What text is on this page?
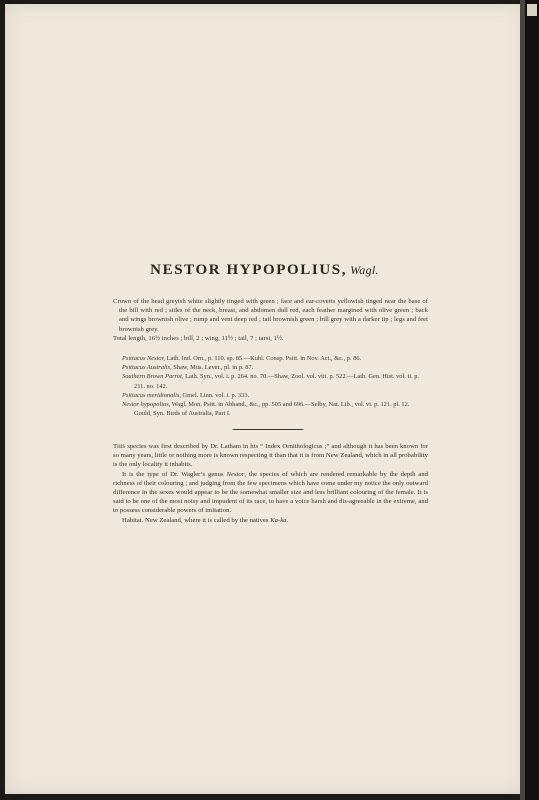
NESTOR HYPOPOLIUS, Wagl.

Crown of the head greyish white slightly tinged with green ; face and ear-coverts yellowish tinged near the base of the bill with red ; sides of the neck, breast, and abdomen dull red, each feather margined with olive green ; back and wings brownish olive ; rump and vent deep red ; tail brownish green ; bill grey with a darker tip ; legs and feet brownish grey.

Total length, 16½ inches ; bill, 2 ; wing, 11½ ; tail, 7 ; tarsi, 1½.

Psittacus Nestor, Lath. Ind. Orn., p. 110. sp. 85.—Kuhl. Consp. Psitt. in Nov. Act., &c., p. 86.

Psittacus Australis, Shaw, Mus. Lever., pl. in p. 87.

Southern Brown Parrot, Lath. Syn., vol. i. p. 264. no. 70.—Shaw, Zool. vol. viii. p. 522.—Lath. Gen. Hist. vol. ii. p. 211. no. 142.

Psittacus meridionalis, Gmel. Linn. vol. i. p. 333.

Nestor hypopolius, Wagl. Mon. Psitt. in Abhand., &c., pp. 505 and 696.—Selby, Nat. Lib., vol. vi. p. 121. pl. 12. Gould, Syn. Birds of Australia, Part I.

This species was first described by Dr. Latham in his “ Index Ornithologicus ;” and although it has been known for so many years, little or nothing more is known respecting it than that it is from New Zealand, which in all probability is the only locality it inhabits.

It is the type of Dr. Wagler’s genus Nestor, the species of which are rendered remarkable by the depth and richness of their colouring ; and judging from the few specimens which have come under my notice the only outward difference in the sexes would appear to be the somewhat smaller size and less brilliant colouring of the female. It is said to be one of the most noisy and impudent of its race, to have a voice harsh and dis-agreeable in the extreme, and to possess considerable powers of imitation.

Habitat. New Zealand, where it is called by the natives Ka-ka.
